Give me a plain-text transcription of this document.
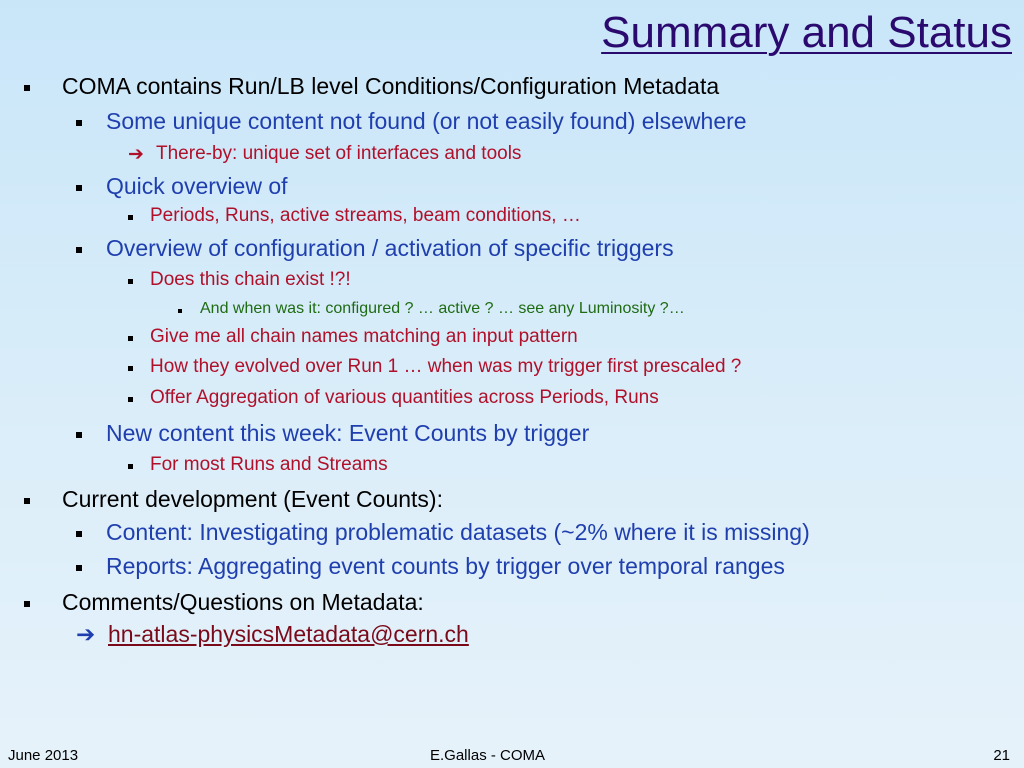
Summary and Status
COMA contains Run/LB level Conditions/Configuration Metadata
Some unique content not found (or not easily found) elsewhere
➔ There-by: unique set of interfaces and tools
Quick overview of
Periods, Runs, active streams, beam conditions, …
Overview of configuration / activation of specific triggers
Does this chain exist !?!
And when was it: configured ? … active ? … see any Luminosity ?…
Give me all chain names matching an input pattern
How they evolved over Run 1 … when was my trigger first prescaled ?
Offer Aggregation of various quantities across Periods, Runs
New content this week: Event Counts by trigger
For most Runs and Streams
Current development (Event Counts):
Content: Investigating problematic datasets (~2% where it is missing)
Reports: Aggregating event counts by trigger over temporal ranges
Comments/Questions on Metadata:
➔ hn-atlas-physicsMetadata@cern.ch
June 2013	E.Gallas - COMA	21
